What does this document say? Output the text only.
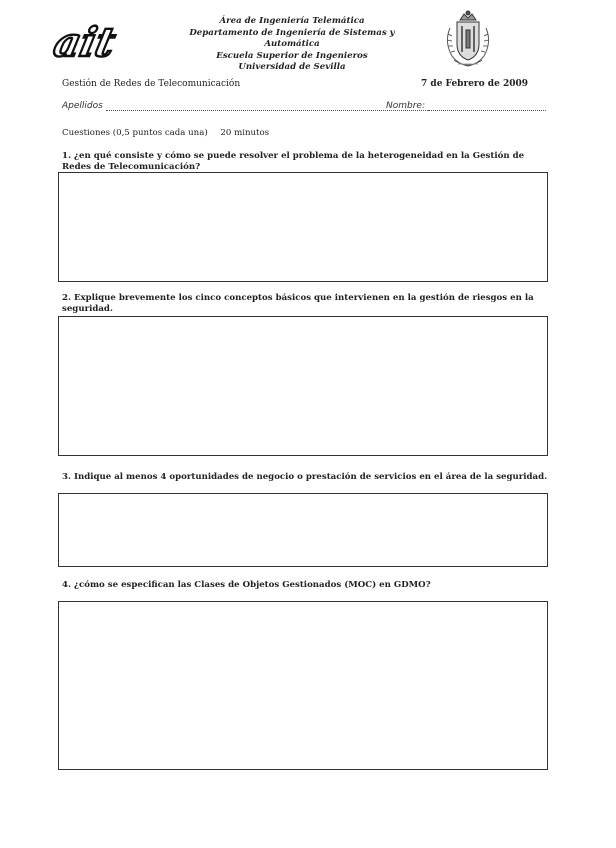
ait	Área de Ingeniería Telemática
Departamento de Ingeniería de Sistemas y Automática
Escuela Superior de Ingenieros
Universidad de Sevilla
Gestión de Redes de Telecomunicación	7 de Febrero de 2009
Apellidos	Nombre:
Cuestiones (0,5 puntos cada una) 20 minutos
1. ¿en qué consiste y cómo se puede resolver el problema de la heterogeneidad en la Gestión de Redes de Telecomunicación?
2. Explique brevemente los cinco conceptos básicos que intervienen en la gestión de riesgos en la seguridad.
3. Indique al menos 4 oportunidades de negocio o prestación de servicios en el área de la seguridad.
4. ¿cómo se especifican las Clases de Objetos Gestionados (MOC) en GDMO?
